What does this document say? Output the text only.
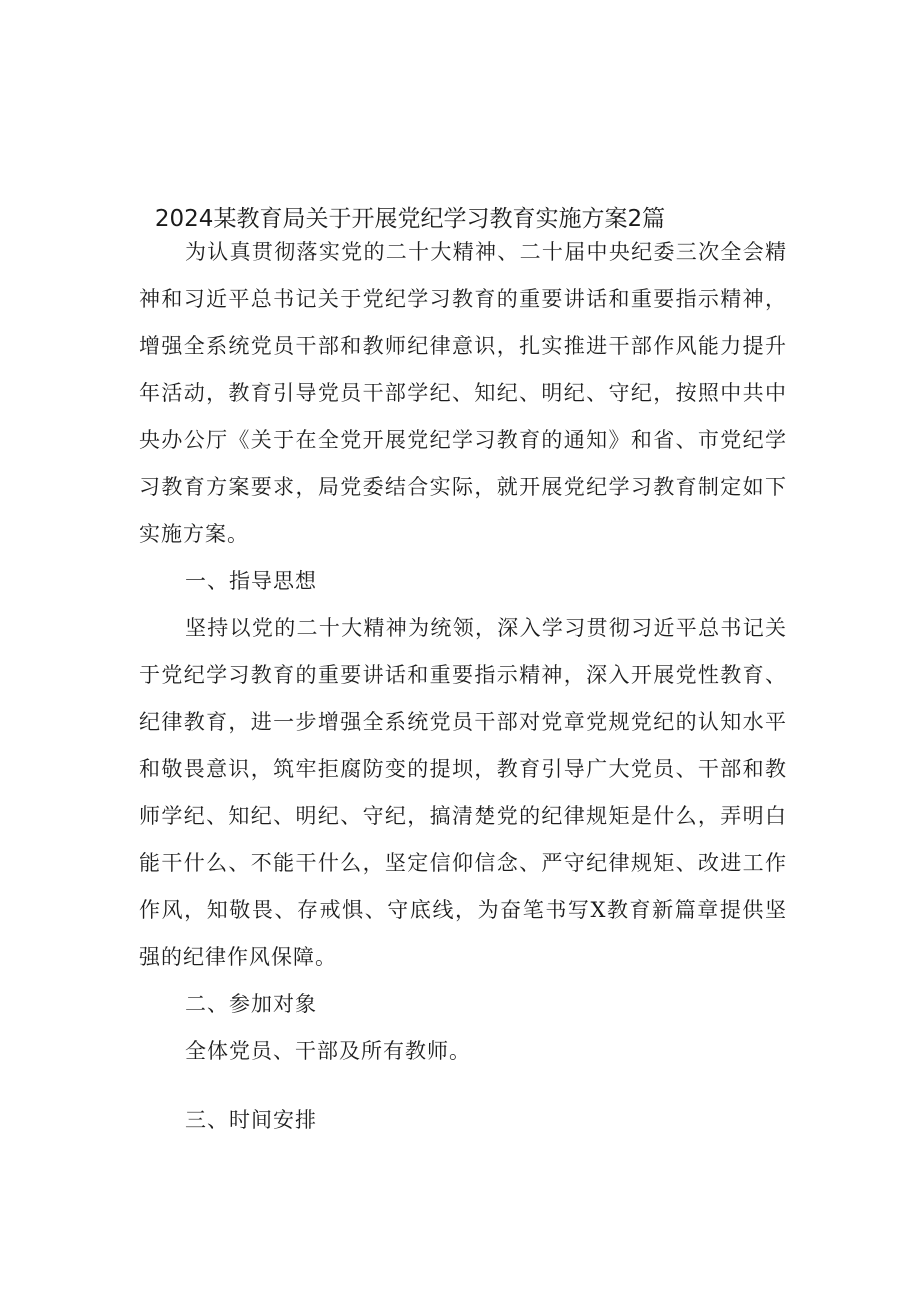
2024某教育局关于开展党纪学习教育实施方案2篇

为认真贯彻落实党的二十大精神、二十届中央纪委三次全会精神和习近平总书记关于党纪学习教育的重要讲话和重要指示精神，增强全系统党员干部和教师纪律意识，扎实推进干部作风能力提升年活动，教育引导党员干部学纪、知纪、明纪、守纪，按照中共中央办公厅《关于在全党开展党纪学习教育的通知》和省、市党纪学习教育方案要求，局党委结合实际，就开展党纪学习教育制定如下实施方案。

一、指导思想

坚持以党的二十大精神为统领，深入学习贯彻习近平总书记关于党纪学习教育的重要讲话和重要指示精神，深入开展党性教育、纪律教育，进一步增强全系统党员干部对党章党规党纪的认知水平和敬畏意识，筑牢拒腐防变的提坝，教育引导广大党员、干部和教师学纪、知纪、明纪、守纪，搞清楚党的纪律规矩是什么，弄明白能干什么、不能干什么，坚定信仰信念、严守纪律规矩、改进工作作风，知敬畏、存戒惧、守底线，为奋笔书写X教育新篇章提供坚强的纪律作风保障。

二、参加对象

全体党员、干部及所有教师。

三、时间安排
